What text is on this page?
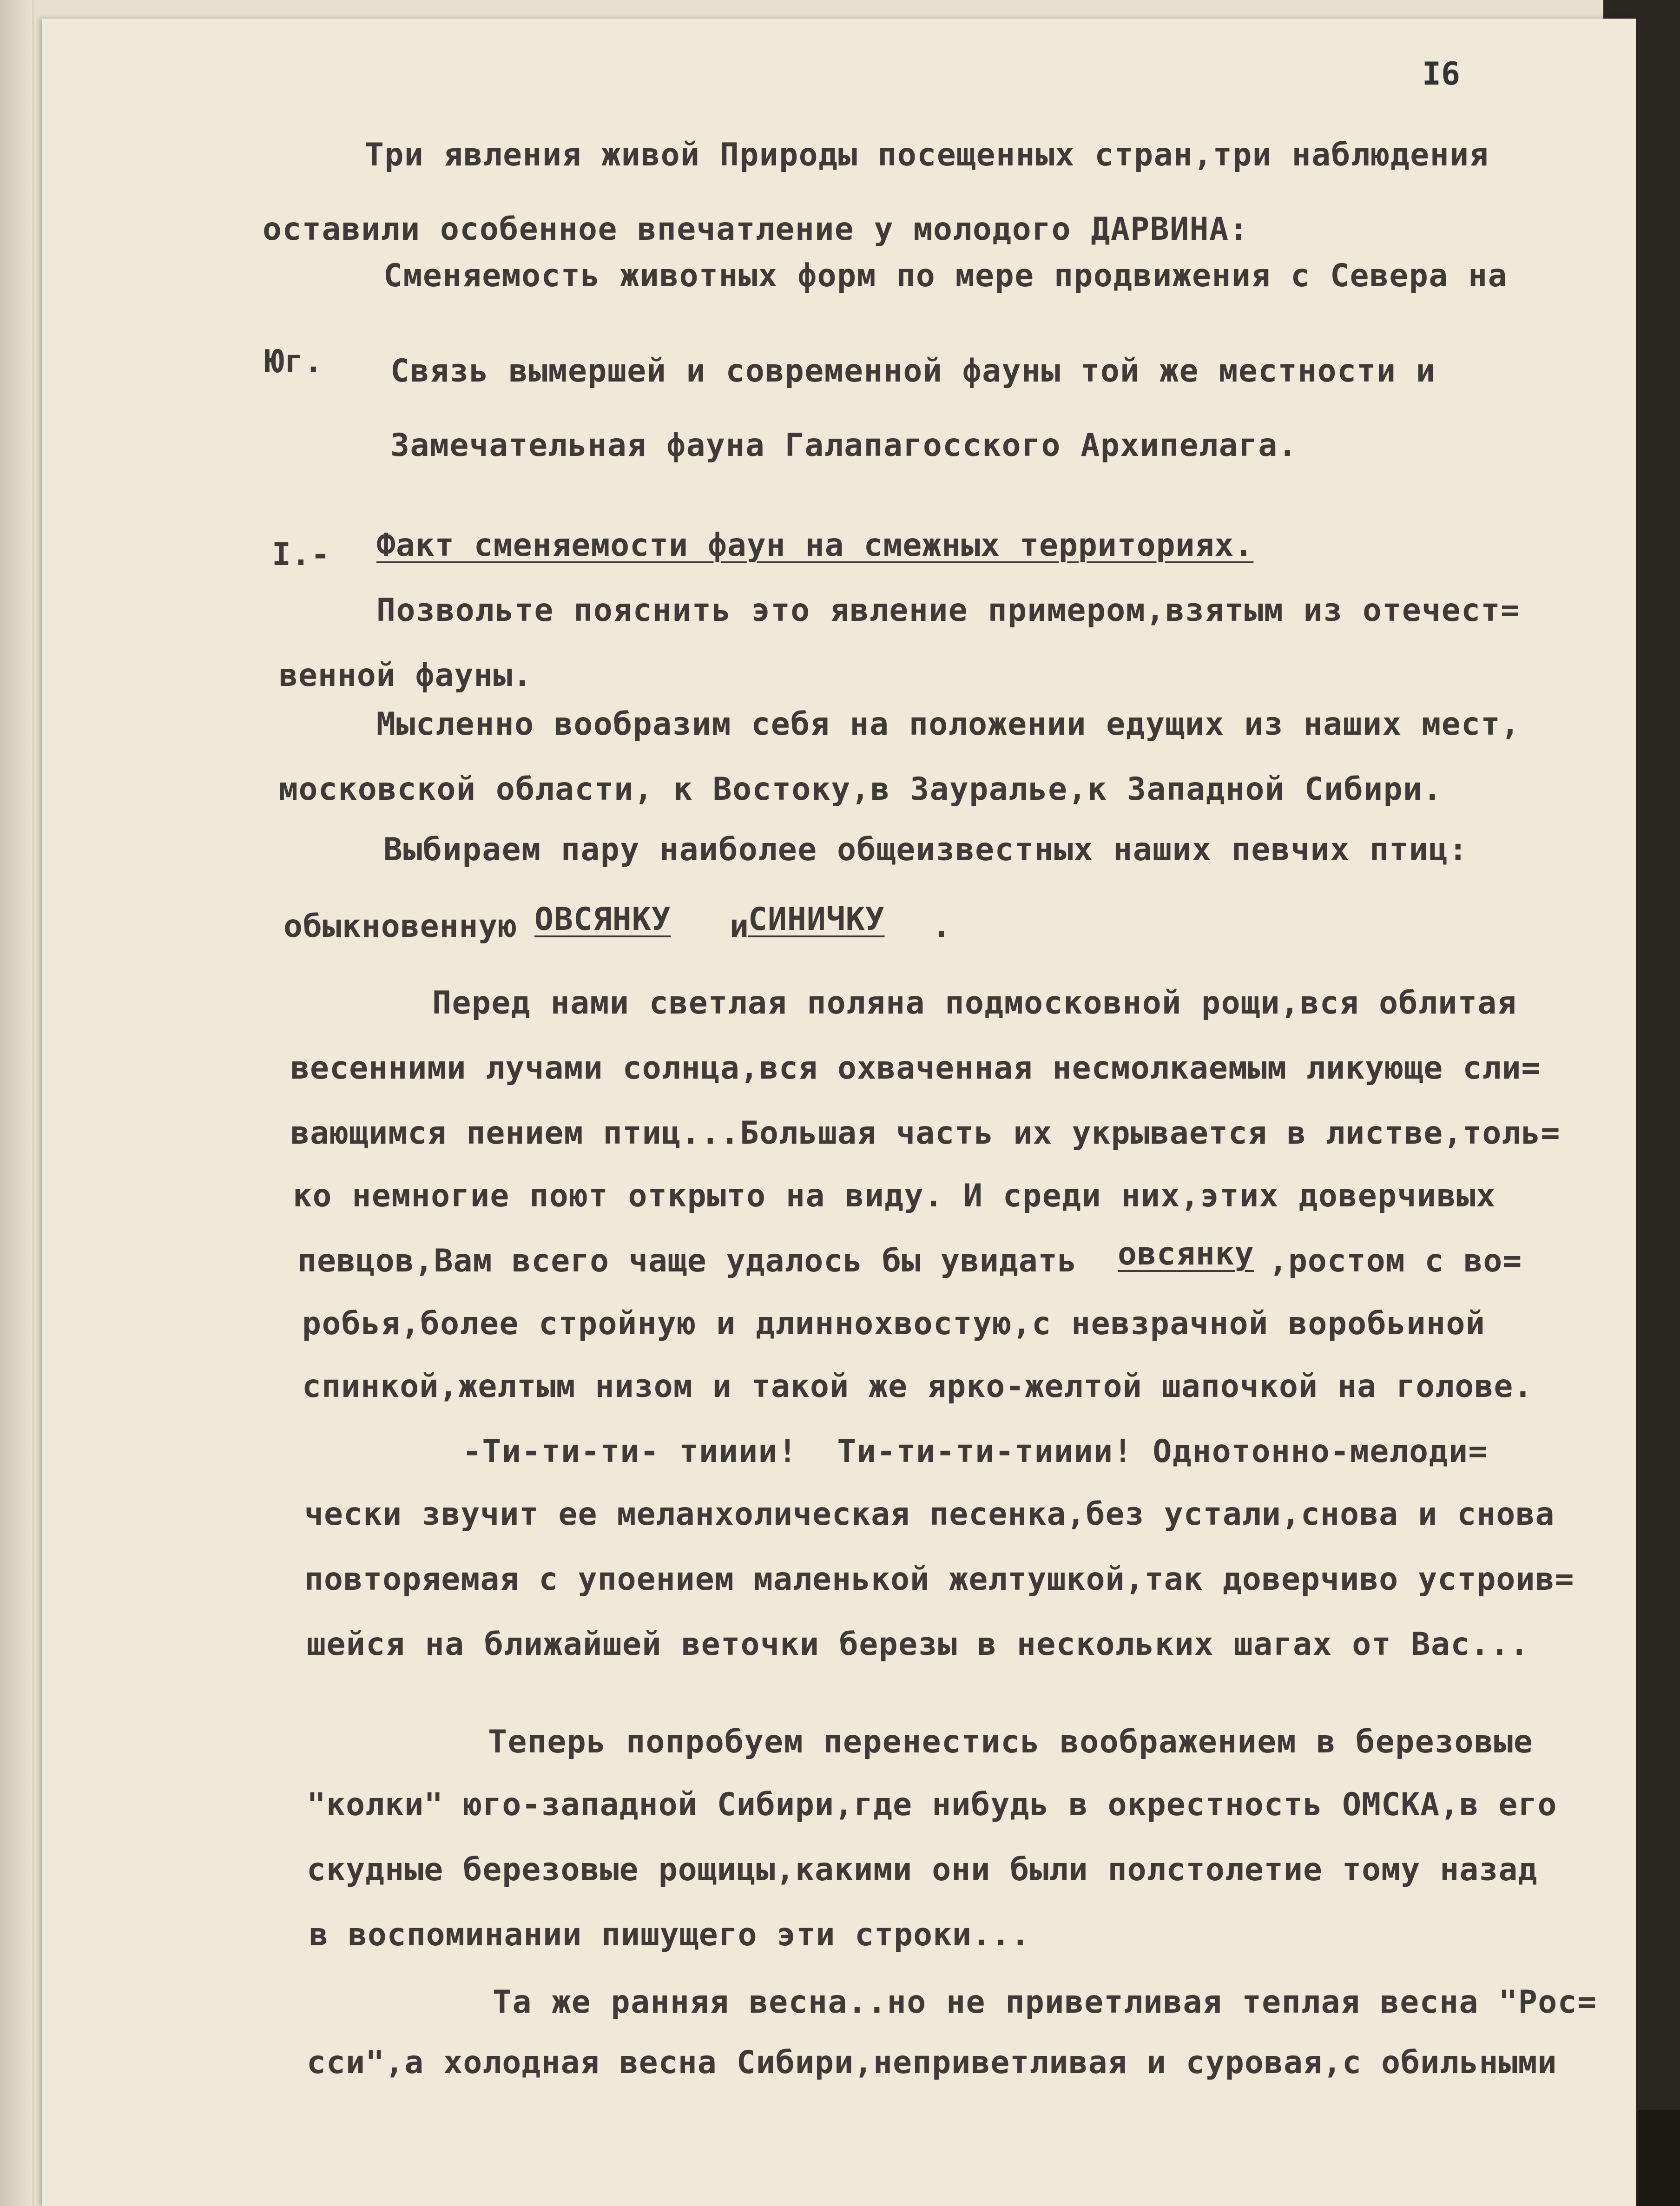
I6
Три явления живой Природы посещенных стран,три наблюдения
оставили особенное впечатление у молодого ДАРВИНА:
Сменяемость животных форм по мере продвижения с Севера на
Юг. Связь вымершей и современной фауны той же местности и
Замечательная фауна Галапагосского Архипелага.
I.- Факт сменяемости фаун на смежных территориях.
Позвольте пояснить это явление примером,взятым из отечест=
венной фауны.
Мысленно вообразим себя на положении едущих из наших мест,
московской области, к Востоку,в Зауралье,к Западной Сибири.
Выбираем пару наиболее общеизвестных наших певчих птиц:
обыкновенную ОВСЯНКУ и
СИНИЧКУ .
Перед нами светлая поляна подмосковной рощи,вся облитая
весенними лучами солнца,вся охваченная несмолкаемым ликующе сли=
вающимся пением птиц...Большая часть их укрывается в листве,толь=
ко немногие поют открыто на виду. И среди них,этих доверчивых
певцов,Вам всего чаще удалось бы увидать овсянку ,ростом с во=
робья,более стройную и длиннохвостую,с невзрачной воробьиной
спинкой,желтым низом и такой же ярко-желтой шапочкой на голове.
-Ти-ти-ти- тииии!  Ти-ти-ти-тииии! Однотонно-мелоди=
чески звучит ее меланхолическая песенка,без устали,снова и снова
повторяемая с упоением маленькой желтушкой,так доверчиво устроив=
шейся на ближайшей веточки березы в нескольких шагах от Вас...
Теперь попробуем перенестись воображением в березовые
"колки" юго-западной Сибири,где нибудь в окрестность ОМСКА,в его
скудные березовые рощицы,какими они были полстолетие тому назад
в воспоминании пишущего эти строки...
Та же ранняя весна..но не приветливая теплая весна "Рос=
сси",а холодная весна Сибири,неприветливая и суровая,с обильными
